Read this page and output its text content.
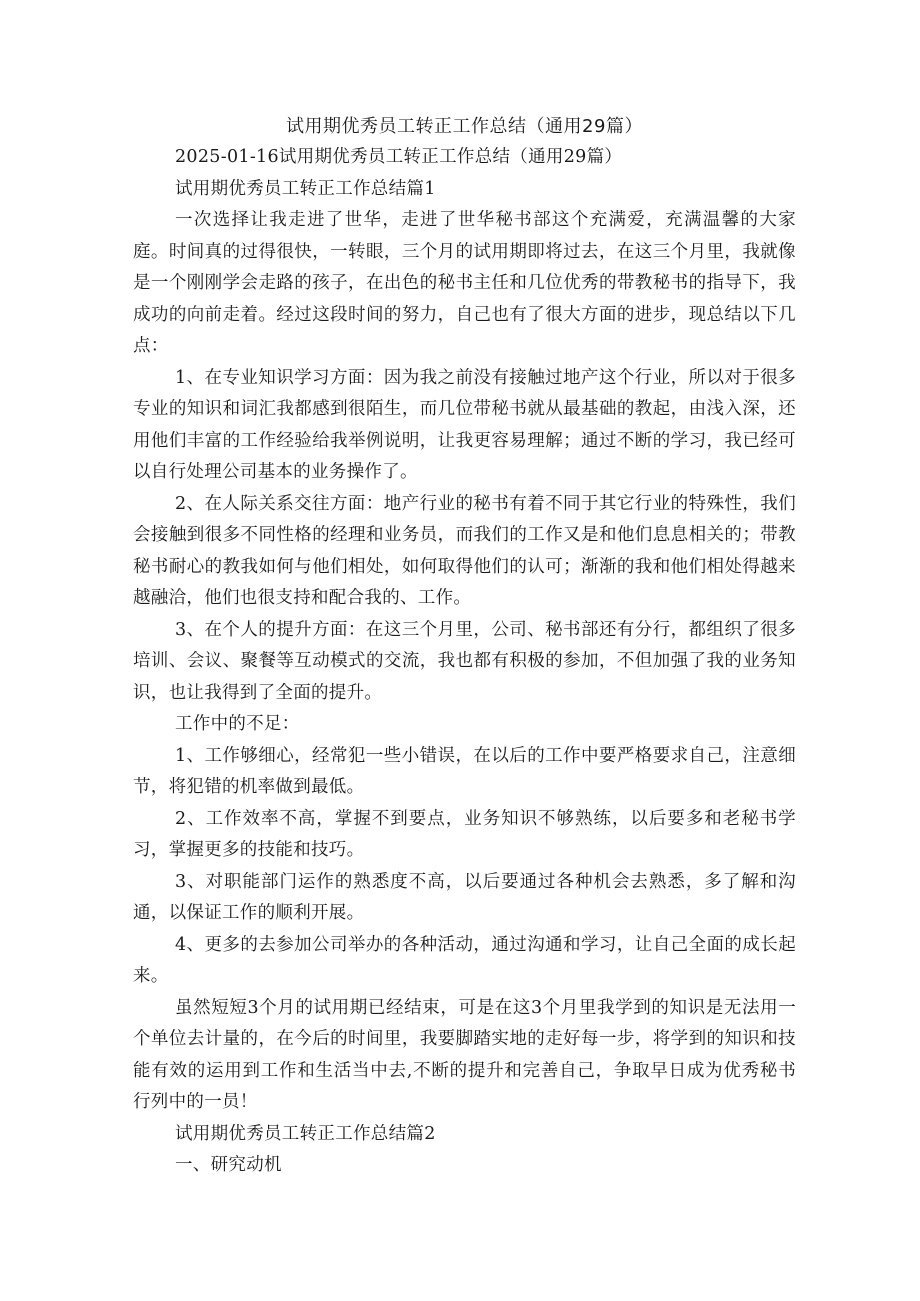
试用期优秀员工转正工作总结（通用29篇）

2025-01-16试用期优秀员工转正工作总结（通用29篇）

试用期优秀员工转正工作总结篇1

一次选择让我走进了世华，走进了世华秘书部这个充满爱，充满温馨的大家庭。时间真的过得很快，一转眼，三个月的试用期即将过去，在这三个月里，我就像是一个刚刚学会走路的孩子，在出色的秘书主任和几位优秀的带教秘书的指导下，我成功的向前走着。经过这段时间的努力，自己也有了很大方面的进步，现总结以下几点：

1、在专业知识学习方面：因为我之前没有接触过地产这个行业，所以对于很多专业的知识和词汇我都感到很陌生，而几位带秘书就从最基础的教起，由浅入深，还用他们丰富的工作经验给我举例说明，让我更容易理解；通过不断的学习，我已经可以自行处理公司基本的业务操作了。

2、在人际关系交往方面：地产行业的秘书有着不同于其它行业的特殊性，我们会接触到很多不同性格的经理和业务员，而我们的工作又是和他们息息相关的；带教秘书耐心的教我如何与他们相处，如何取得他们的认可；渐渐的我和他们相处得越来越融洽，他们也很支持和配合我的、工作。

3、在个人的提升方面：在这三个月里，公司、秘书部还有分行，都组织了很多培训、会议、聚餐等互动模式的交流，我也都有积极的参加，不但加强了我的业务知识，也让我得到了全面的提升。

工作中的不足：

1、工作够细心，经常犯一些小错误，在以后的工作中要严格要求自己，注意细节，将犯错的机率做到最低。

2、工作效率不高，掌握不到要点，业务知识不够熟练，以后要多和老秘书学习，掌握更多的技能和技巧。

3、对职能部门运作的熟悉度不高，以后要通过各种机会去熟悉，多了解和沟通，以保证工作的顺利开展。

4、更多的去参加公司举办的各种活动，通过沟通和学习，让自己全面的成长起来。

虽然短短3个月的试用期已经结束，可是在这3个月里我学到的知识是无法用一个单位去计量的，在今后的时间里，我要脚踏实地的走好每一步，将学到的知识和技能有效的运用到工作和生活当中去,不断的提升和完善自己，争取早日成为优秀秘书行列中的一员！

试用期优秀员工转正工作总结篇2

一、研究动机
